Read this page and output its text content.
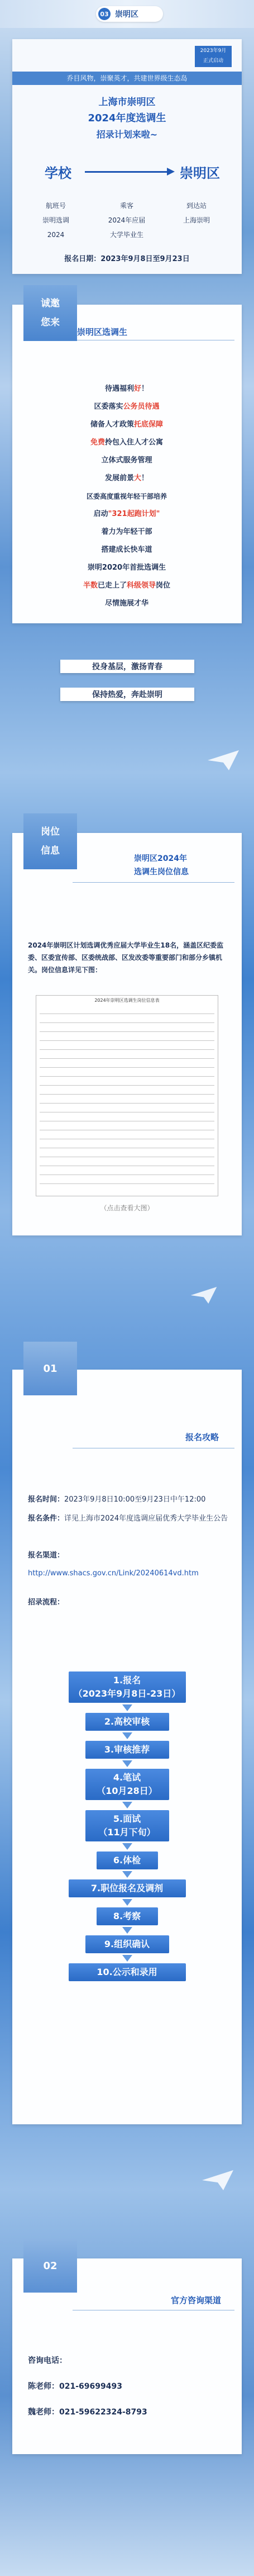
03 崇明区
2023年9月
正式启动
乔目风物，崇聚英才，共建世界级生态岛
上海市崇明区
2024年度选调生
招录计划来啦~
学校	崇明区
航班号
崇明选调
2024
乘客
2024年应届
大学毕业生
到达站
上海崇明
报名日期：2023年9月8日至9月23日
崇明区选调生
待遇福利好！
区委落实公务员待遇
储备人才政策托底保障
免费拎包入住人才公寓
立体式服务管理
发展前景大！
区委高度重视年轻干部培养
启动"321起跑计划"
着力为年轻干部
搭建成长快车道
崇明2020年首批选调生
半数已走上了科级领导岗位
尽情施展才华
诚邀
您来
投身基层，激扬青春
保持热爱，奔赴崇明
崇明区2024年
选调生岗位信息
2024年崇明区计划选调优秀应届大学毕业生18名，涵盖区纪委监委、区委宣传部、区委统战部、区发改委等重要部门和部分乡镇机关。岗位信息详见下图：
2024年崇明区选调生岗位信息表
（点击查看大图）
岗位
信息
报名攻略
报名时间：2023年9月8日10:00至9月23日中午12:00
报名条件：详见上海市2024年度选调应届优秀大学毕业生公告
报名渠道：
http://www.shacs.gov.cn/Link/20240614vd.htm
招录流程：
1.报名
（2023年9月8日-23日）
2.高校审核
3.审核推荐
4.笔试
（10月28日）
5.面试
（11月下旬）
6.体检
7.职位报名及调剂
8.考察
9.组织确认
10.公示和录用
01
官方咨询渠道
咨询电话：
陈老师：021-69699493
魏老师：021-59622324-8793
02
